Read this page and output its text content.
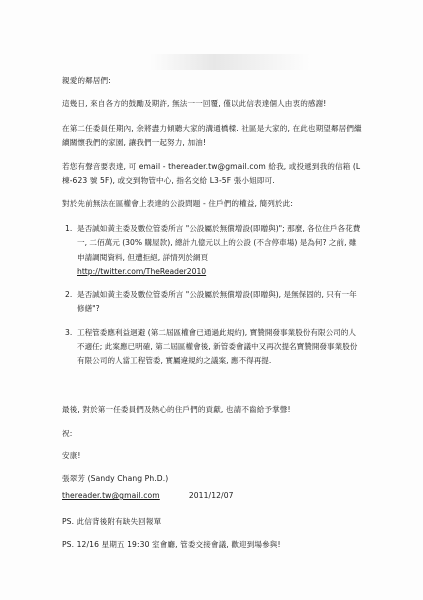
親愛的鄰居們:

這幾日, 來自各方的鼓勵及期許, 無法一一回覆, 僅以此信表達個人由衷的感謝!

在第二任委員任期內, 余將盡力傾聽大家的溝通橋樑. 社區是大家的, 在此也期望鄰居們繼續關懷我們的家園, 讓我們一起努力, 加油!

若您有聲音要表達, 可 email - thereader.tw@gmail.com 給我, 或投遞到我的信箱 (L 棟-623 號 5F), 或交到物管中心, 指名交給 L3-5F 張小姐即可.

對於先前無法在區權會上表達的公設問題 - 住戶們的權益, 簡列於此:

1. 是否誠如黃主委及數位管委所言 "公設屬於無償增設(即贈與)"; 那麼, 各位住戶各花費一, 二佰萬元 (30% 購屋款), 總計九億元以上的公設 (不含停車場) 是為何? 之前, 雖申請調閱資料, 但遭拒絕, 詳情列於網頁
http://twitter.com/TheReader2010
2. 是否誠如黃主委及數位管委所言 "公設屬於無償增設(即贈與), 是無保固的, 只有一年修繕"?
3. 工程管委應利益迴避 (第二屆區權會已通過此規約), 寶贊開發事業股份有限公司的人不適任; 此案應已明確, 第二屆區權會後, 新管委會議中又再次提名寶贊開發事業股份有限公司的人當工程管委, 實屬違規約之議案, 應不得再提.

最後, 對於第一任委員們及熱心的住戶們的貢獻, 也請不齒給予掌聲!

祝:

安康!

張翠芳 (Sandy Chang Ph.D.)

thereader.tw@gmail.com	2011/12/07

PS. 此信背後附有缺失回報單

PS. 12/16 星期五 19:30 室會廳, 管委交接會議, 歡迎到場參與!
